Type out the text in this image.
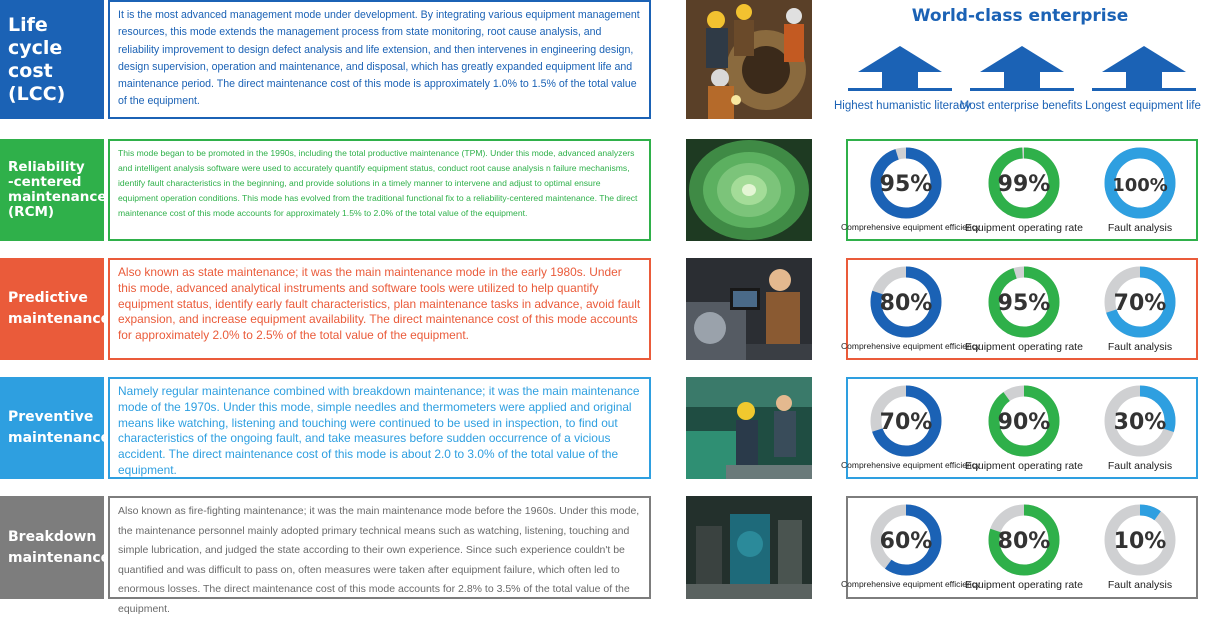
Life
cycle
cost
(LCC)
It is the most advanced management mode under development. By integrating various equipment management resources, this mode extends the management process from state monitoring, root cause analysis, and reliability improvement to design defect analysis and life extension, and then intervenes in engineering design, design supervision, operation and maintenance, and disposal, which has greatly expanded equipment life and maintenance period. The direct maintenance cost of this mode is approximately 1.0% to 1.5% of the total value of the equipment.
World-class enterprise
Highest humanistic literacy
Most enterprise benefits Longest equipment life
Reliability
-centered
maintenance
(RCM)
This mode began to be promoted in the 1990s, including the total productive maintenance (TPM). Under this mode, advanced analyzers and intelligent analysis software were used to accurately quantify equipment status, conduct root cause analysis n failure mechanisms, identify fault characteristics in the beginning, and provide solutions in a timely manner to intervene and adjust to optimal ensure equipment operation conditions. This mode has evolved from the traditional functional fix to a reliability-centered maintenance. The direct maintenance cost of this mode accounts for approximately 1.5% to 2.0% of the total value of the equipment.
95%	99%	100%
Comprehensive equipment efficiency
Equipment operating rate	Fault analysis
Predictive
maintenance
Also known as state maintenance; it was the main maintenance mode in the early 1980s. Under this mode, advanced analytical instruments and software tools were utilized to help quantify equipment status, identify early fault characteristics, plan maintenance tasks in advance, avoid fault expansion, and increase equipment availability. The direct maintenance cost of this mode accounts for approximately 2.0% to 2.5% of the total value of the equipment.
80%	95%	70%
Comprehensive equipment efficiency
Equipment operating rate	Fault analysis
Preventive
maintenance
Namely regular maintenance combined with breakdown maintenance; it was the main maintenance mode of the 1970s. Under this mode, simple needles and thermometers were applied and original means like watching, listening and touching were continued to be used in inspection, to find out characteristics of the ongoing fault, and take measures before sudden occurrence of a vicious accident. The direct maintenance cost of this mode is about 2.0 to 3.0% of the total value of the equipment.
70%	90%	30%
Comprehensive equipment efficiency
Equipment operating rate	Fault analysis
Breakdown
maintenance
Also known as fire-fighting maintenance; it was the main maintenance mode before the 1960s. Under this mode, the maintenance personnel mainly adopted primary technical means such as watching, listening, touching and simple lubrication, and judged the state according to their own experience. Since such experience couldn't be quantified and was difficult to pass on, often measures were taken after equipment failure, which often led to enormous losses. The direct maintenance cost of this mode accounts for 2.8% to 3.5% of the total value of the equipment.
60%	80%	10%
Comprehensive equipment efficiency
Equipment operating rate	Fault analysis
